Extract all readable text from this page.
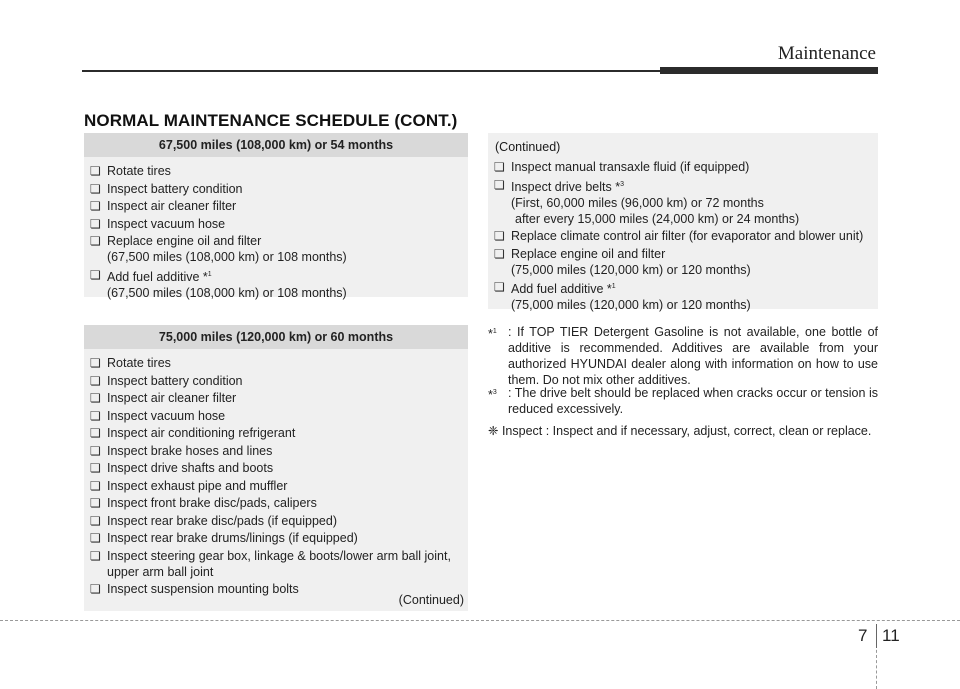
Maintenance
NORMAL MAINTENANCE SCHEDULE (CONT.)
67,500 miles (108,000 km) or 54 months
❏ Rotate tires
❏ Inspect battery condition
❏ Inspect air cleaner filter
❏ Inspect vacuum hose
❏ Replace engine oil and filter
(67,500 miles (108,000 km) or 108 months)
❏ Add fuel additive *$^1$
(67,500 miles (108,000 km) or 108 months)
75,000 miles (120,000 km) or 60 months
❏ Rotate tires
❏ Inspect battery condition
❏ Inspect air cleaner filter
❏ Inspect vacuum hose
❏ Inspect air conditioning refrigerant
❏ Inspect brake hoses and lines
❏ Inspect drive shafts and boots
❏ Inspect exhaust pipe and muffler
❏ Inspect front brake disc/pads, calipers
❏ Inspect rear brake disc/pads (if equipped)
❏ Inspect rear brake drums/linings (if equipped)
❏ Inspect steering gear box, linkage & boots/lower arm ball joint,
upper arm ball joint
❏ Inspect suspension mounting bolts
(Continued)
(Continued)
❏ Inspect manual transaxle fluid (if equipped)
❏ Inspect drive belts *$^3$
(First, 60,000 miles (96,000 km) or 72 months
after every 15,000 miles (24,000 km) or 24 months)
❏ Replace climate control air filter (for evaporator and blower unit)
❏ Replace engine oil and filter
(75,000 miles (120,000 km) or 120 months)
❏ Add fuel additive *$^1$
(75,000 miles (120,000 km) or 120 months)
*$^1$ : If TOP TIER Detergent Gasoline is not available, one bottle of additive is recommended. Additives are available from your authorized HYUNDAI dealer along with information on how to use them. Do not mix other additives.
*$^3$ : The drive belt should be replaced when cracks occur or tension is reduced excessively.
❈ Inspect : Inspect and if necessary, adjust, correct, clean or replace.
7 11
